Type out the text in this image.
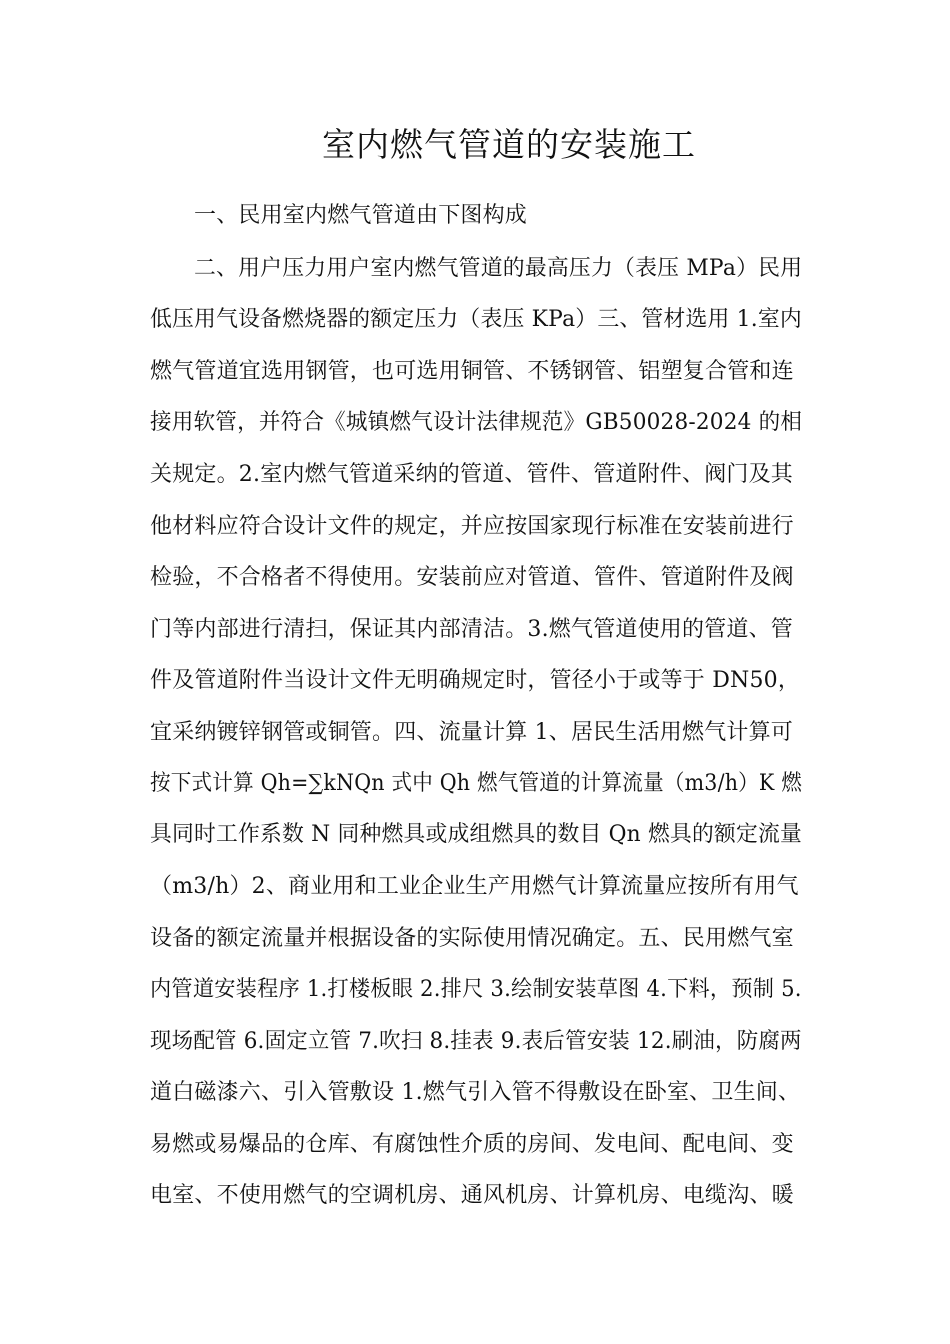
室内燃气管道的安装施工
一、民用室内燃气管道由下图构成
二、用户压力用户室内燃气管道的最高压力（表压 MPa）民用
低压用气设备燃烧器的额定压力（表压 KPa）三、管材选用 1.室内
燃气管道宜选用钢管，也可选用铜管、不锈钢管、铝塑复合管和连
接用软管，并符合《城镇燃气设计法律规范》GB50028-2024 的相
关规定。2.室内燃气管道采纳的管道、管件、管道附件、阀门及其
他材料应符合设计文件的规定，并应按国家现行标准在安装前进行
检验，不合格者不得使用。安装前应对管道、管件、管道附件及阀
门等内部进行清扫，保证其内部清洁。3.燃气管道使用的管道、管
件及管道附件当设计文件无明确规定时，管径小于或等于 DN50，
宜采纳镀锌钢管或铜管。四、流量计算 1、居民生活用燃气计算可
按下式计算 Qh=∑kNQn 式中 Qh 燃气管道的计算流量（m3/h）K 燃
具同时工作系数 N 同种燃具或成组燃具的数目 Qn 燃具的额定流量
（m3/h）2、商业用和工业企业生产用燃气计算流量应按所有用气
设备的额定流量并根据设备的实际使用情况确定。五、民用燃气室
内管道安装程序 1.打楼板眼 2.排尺 3.绘制安装草图 4.下料，预制 5.
现场配管 6.固定立管 7.吹扫 8.挂表 9.表后管安装 12.刷油，防腐两
道白磁漆六、引入管敷设 1.燃气引入管不得敷设在卧室、卫生间、
易燃或易爆品的仓库、有腐蚀性介质的房间、发电间、配电间、变
电室、不使用燃气的空调机房、通风机房、计算机房、电缆沟、暖
